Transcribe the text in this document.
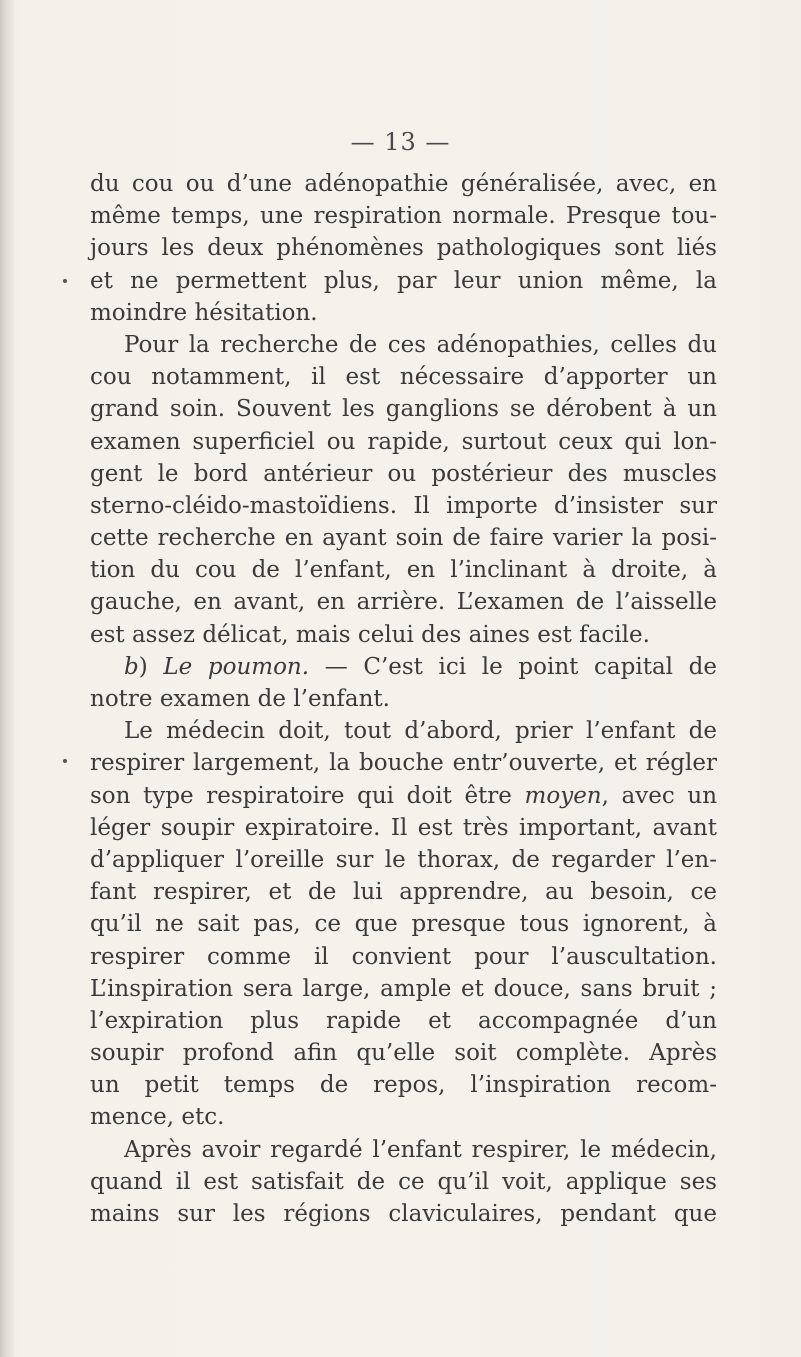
— 13 —
du cou ou d’une adénopathie généralisée, avec, en
même temps, une respiration normale. Presque tou-
jours les deux phénomènes pathologiques sont liés
et ne permettent plus, par leur union même, la
moindre hésitation.
Pour la recherche de ces adénopathies, celles du
cou notamment, il est nécessaire d’apporter un
grand soin. Souvent les ganglions se dérobent à un
examen superficiel ou rapide, surtout ceux qui lon-
gent le bord antérieur ou postérieur des muscles
sterno-cléido-mastoïdiens. Il importe d’insister sur
cette recherche en ayant soin de faire varier la posi-
tion du cou de l’enfant, en l’inclinant à droite, à
gauche, en avant, en arrière. L’examen de l’aisselle
est assez délicat, mais celui des aines est facile.
b) Le poumon. — C’est ici le point capital de
notre examen de l’enfant.
Le médecin doit, tout d’abord, prier l’enfant de
respirer largement, la bouche entr’ouverte, et régler
son type respiratoire qui doit être moyen, avec un
léger soupir expiratoire. Il est très important, avant
d’appliquer l’oreille sur le thorax, de regarder l’en-
fant respirer, et de lui apprendre, au besoin, ce
qu’il ne sait pas, ce que presque tous ignorent, à
respirer comme il convient pour l’auscultation.
L’inspiration sera large, ample et douce, sans bruit ;
l’expiration plus rapide et accompagnée d’un
soupir profond afin qu’elle soit complète. Après
un petit temps de repos, l’inspiration recom-
mence, etc.
Après avoir regardé l’enfant respirer, le médecin,
quand il est satisfait de ce qu’il voit, applique ses
mains sur les régions claviculaires, pendant que
